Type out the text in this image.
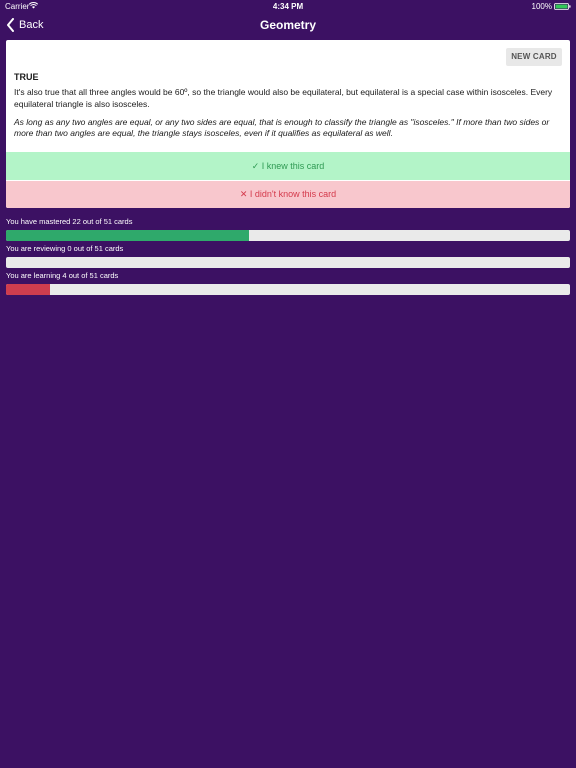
Carrier	4:34 PM	100%
Back	Geometry
NEW CARD
TRUE
It's also true that all three angles would be 60º, so the triangle would also be equilateral, but equilateral is a special case within isosceles. Every equilateral triangle is also isosceles.
As long as any two angles are equal, or any two sides are equal, that is enough to classify the triangle as "isosceles." If more than two sides or more than two angles are equal, the triangle stays isosceles, even if it qualifies as equilateral as well.
✓ I knew this card
✕ I didn't know this card
You have mastered 22 out of 51 cards
You are reviewing 0 out of 51 cards
You are learning 4 out of 51 cards
